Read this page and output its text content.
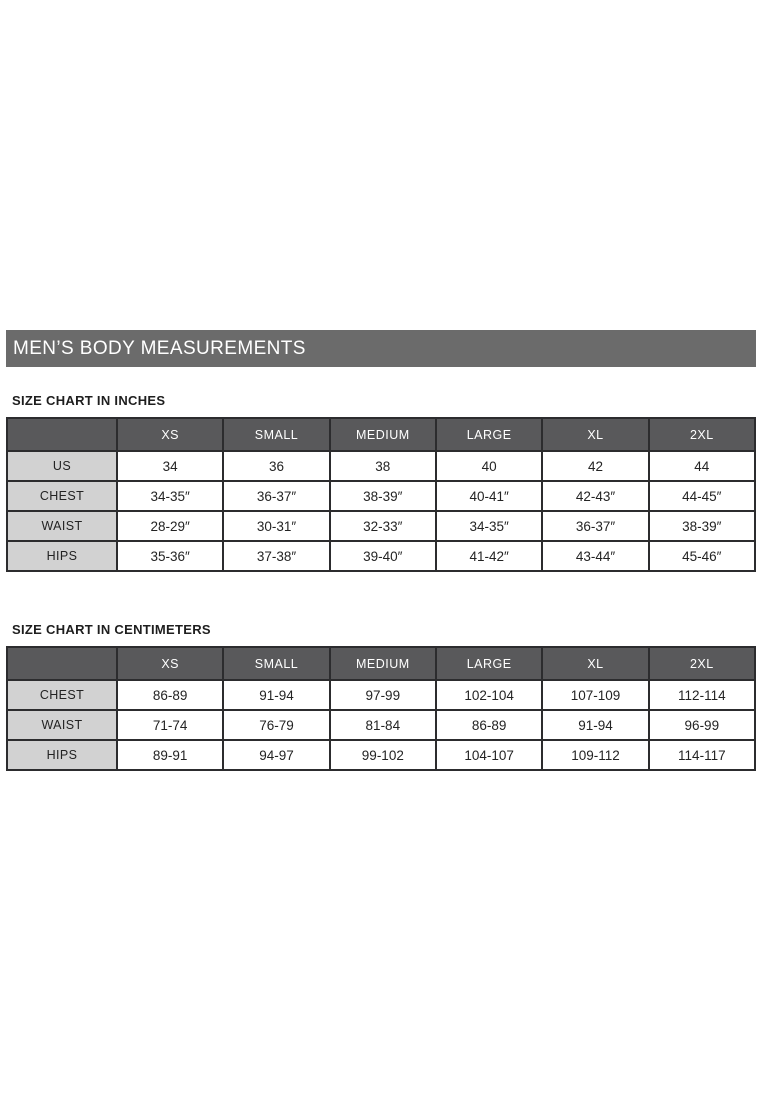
MEN’S BODY MEASUREMENTS
SIZE CHART IN INCHES
	XS	SMALL	MEDIUM	LARGE	XL	2XL
US	34	36	38	40	42	44
CHEST	34-35″	36-37″	38-39″	40-41″	42-43″	44-45″
WAIST	28-29″	30-31″	32-33″	34-35″	36-37″	38-39″
HIPS	35-36″	37-38″	39-40″	41-42″	43-44″	45-46″
SIZE CHART IN CENTIMETERS
	XS	SMALL	MEDIUM	LARGE	XL	2XL
CHEST	86-89	91-94	97-99	102-104	107-109	112-114
WAIST	71-74	76-79	81-84	86-89	91-94	96-99
HIPS	89-91	94-97	99-102	104-107	109-112	114-117
